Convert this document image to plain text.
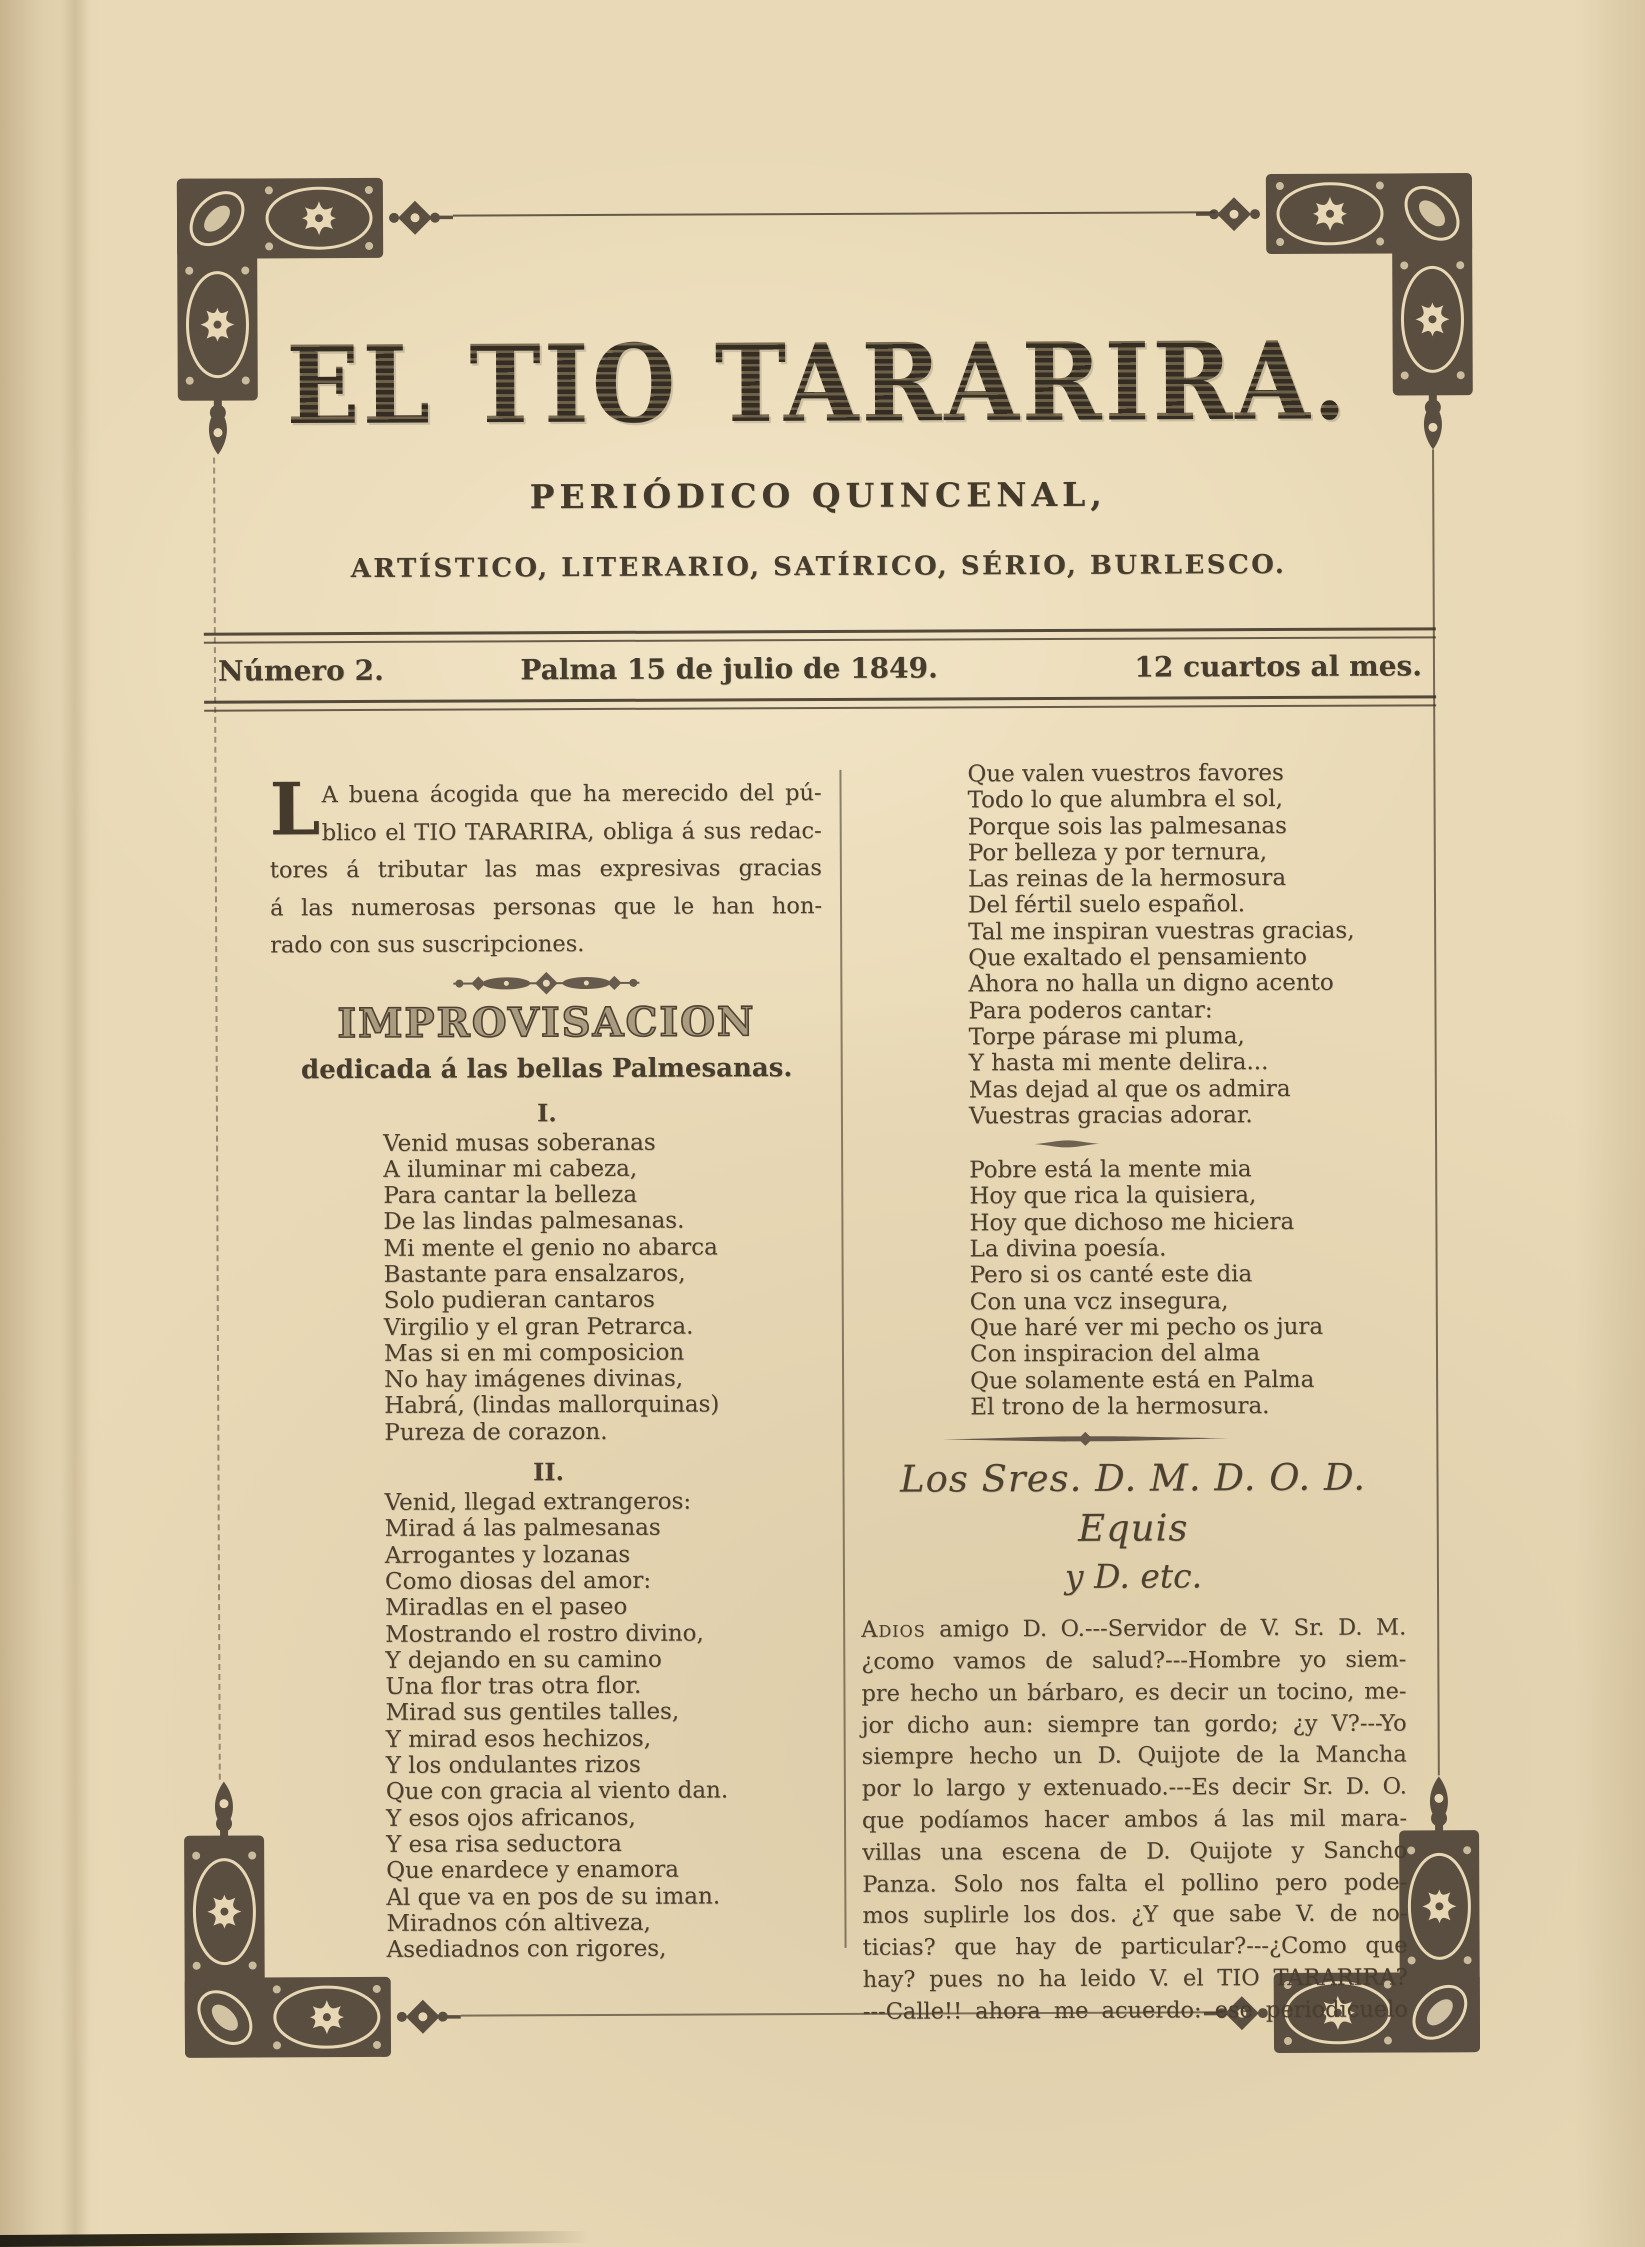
EL TIO TARARIRA.
PERIÓDICO QUINCENAL,
ARTÍSTICO, LITERARIO, SATÍRICO, SÉRIO, BURLESCO.
Número 2.	Palma 15 de julio de 1849.	12 cuartos al mes.
L A buena ácogida que ha merecido del pú-
blico el TIO TARARIRA, obliga á sus redac-
tores á tributar las mas expresivas gracias
á las numerosas personas que le han hon-
rado con sus suscripciones.
IMPROVISACION
dedicada á las bellas Palmesanas.
I.
Venid musas soberanas
A iluminar mi cabeza,
Para cantar la belleza
De las lindas palmesanas.
Mi mente el genio no abarca
Bastante para ensalzaros,
Solo pudieran cantaros
Virgilio y el gran Petrarca.
Mas si en mi composicion
No hay imágenes divinas,
Habrá, (lindas mallorquinas)
Pureza de corazon.
II.
Venid, llegad extrangeros:
Mirad á las palmesanas
Arrogantes y lozanas
Como diosas del amor:
Miradlas en el paseo
Mostrando el rostro divino,
Y dejando en su camino
Una flor tras otra flor.
Mirad sus gentiles talles,
Y mirad esos hechizos,
Y los ondulantes rizos
Que con gracia al viento dan.
Y esos ojos africanos,
Y esa risa seductora
Que enardece y enamora
Al que va en pos de su iman.
Miradnos cón altiveza,
Asediadnos con rigores,
Que valen vuestros favores
Todo lo que alumbra el sol,
Porque sois las palmesanas
Por belleza y por ternura,
Las reinas de la hermosura
Del fértil suelo español.
Tal me inspiran vuestras gracias,
Que exaltado el pensamiento
Ahora no halla un digno acento
Para poderos cantar:
Torpe párase mi pluma,
Y hasta mi mente delira...
Mas dejad al que os admira
Vuestras gracias adorar.
Pobre está la mente mia
Hoy que rica la quisiera,
Hoy que dichoso me hiciera
La divina poesía.
Pero si os canté este dia
Con una vcz insegura,
Que haré ver mi pecho os jura
Con inspiracion del alma
Que solamente está en Palma
El trono de la hermosura.
Los Sres. D. M. D. O. D. Equis
y D. etc.
Adios amigo D. O.---Servidor de V. Sr. D. M.
¿como vamos de salud?---Hombre yo siem-
pre hecho un bárbaro, es decir un tocino, me-
jor dicho aun: siempre tan gordo; ¿y V?---Yo
siempre hecho un D. Quijote de la Mancha
por lo largo y extenuado.---Es decir Sr. D. O.
que podíamos hacer ambos á las mil mara-
villas una escena de D. Quijote y Sancho
Panza. Solo nos falta el pollino pero pode-
mos suplirle los dos. ¿Y que sabe V. de no-
ticias? que hay de particular?---¿Como que
hay? pues no ha leido V. el TIO TARARIRA?
---Calle!! ahora me acuerdo: ese periodicuelo
